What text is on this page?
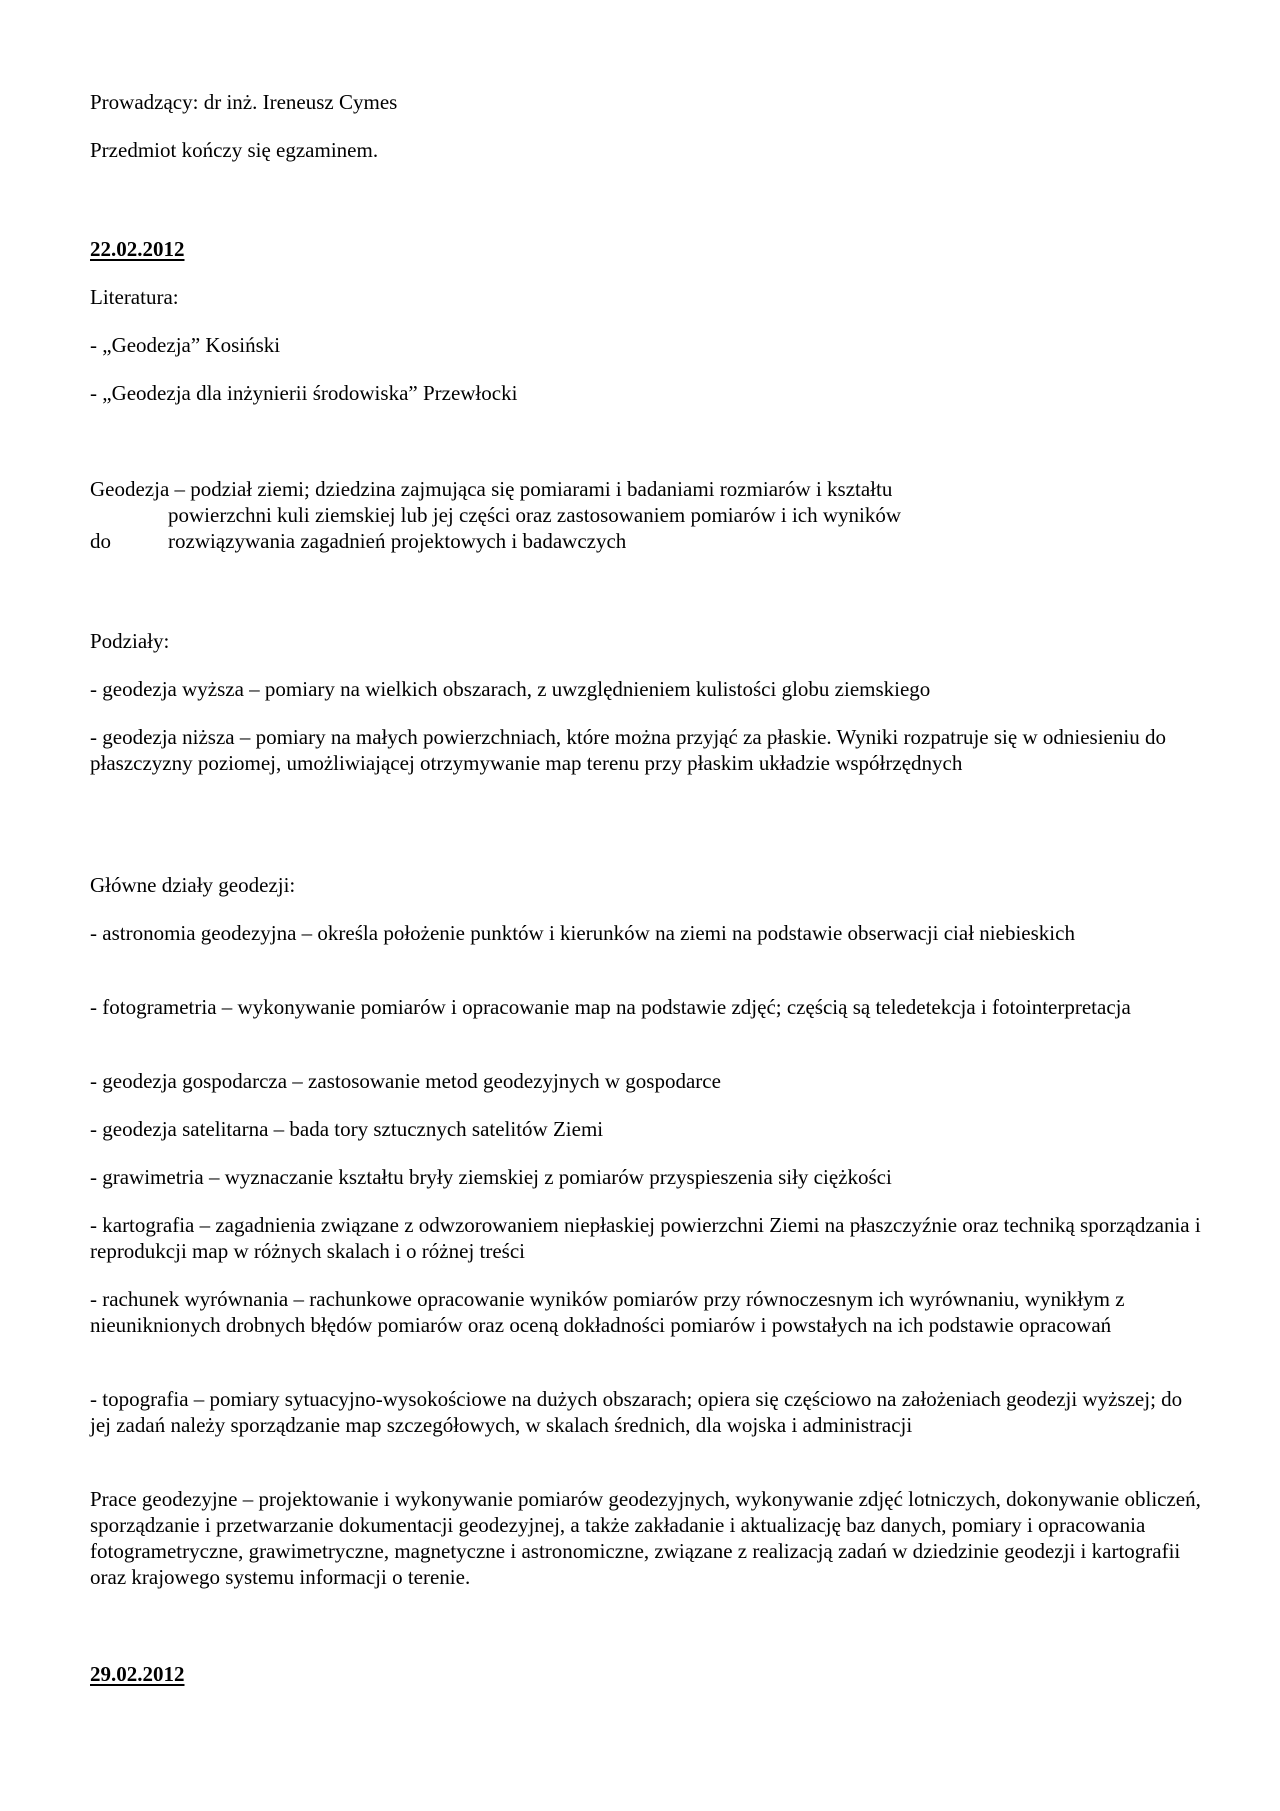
Prowadzący: dr inż. Ireneusz Cymes

Przedmiot kończy się egzaminem.

22.02.2012

Literatura:

- „Geodezja” Kosiński

- „Geodezja dla inżynierii środowiska” Przewłocki

Geodezja – podział ziemi; dziedzina zajmująca się pomiarami i badaniami rozmiarów i kształtu
powierzchni kuli ziemskiej lub jej części oraz zastosowaniem pomiarów i ich wyników
do	rozwiązywania zagadnień projektowych i badawczych

Podziały:

- geodezja wyższa – pomiary na wielkich obszarach, z uwzględnieniem kulistości globu ziemskiego

- geodezja niższa – pomiary na małych powierzchniach, które można przyjąć za płaskie. Wyniki rozpatruje się w odniesieniu do płaszczyzny poziomej, umożliwiającej otrzymywanie map terenu przy płaskim układzie współrzędnych

Główne działy geodezji:

- astronomia geodezyjna – określa położenie punktów i kierunków na ziemi na podstawie obserwacji ciał niebieskich

- fotogrametria – wykonywanie pomiarów i opracowanie map na podstawie zdjęć; częścią są teledetekcja i fotointerpretacja

- geodezja gospodarcza – zastosowanie metod geodezyjnych w gospodarce

- geodezja satelitarna – bada tory sztucznych satelitów Ziemi

- grawimetria – wyznaczanie kształtu bryły ziemskiej z pomiarów przyspieszenia siły ciężkości

- kartografia – zagadnienia związane z odwzorowaniem niepłaskiej powierzchni Ziemi na płaszczyźnie oraz techniką sporządzania i reprodukcji map w różnych skalach i o różnej treści

- rachunek wyrównania – rachunkowe opracowanie wyników pomiarów przy równoczesnym ich wyrównaniu, wynikłym z nieuniknionych drobnych błędów pomiarów oraz oceną dokładności pomiarów i powstałych na ich podstawie opracowań

- topografia – pomiary sytuacyjno-wysokościowe na dużych obszarach; opiera się częściowo na założeniach geodezji wyższej; do jej zadań należy sporządzanie map szczegółowych, w skalach średnich, dla wojska i administracji

Prace geodezyjne – projektowanie i wykonywanie pomiarów geodezyjnych, wykonywanie zdjęć lotniczych, dokonywanie obliczeń, sporządzanie i przetwarzanie dokumentacji geodezyjnej, a także zakładanie i aktualizację baz danych, pomiary i opracowania fotogrametryczne, grawimetryczne, magnetyczne i astronomiczne, związane z realizacją zadań w dziedzinie geodezji i kartografii oraz krajowego systemu informacji o terenie.

29.02.2012
